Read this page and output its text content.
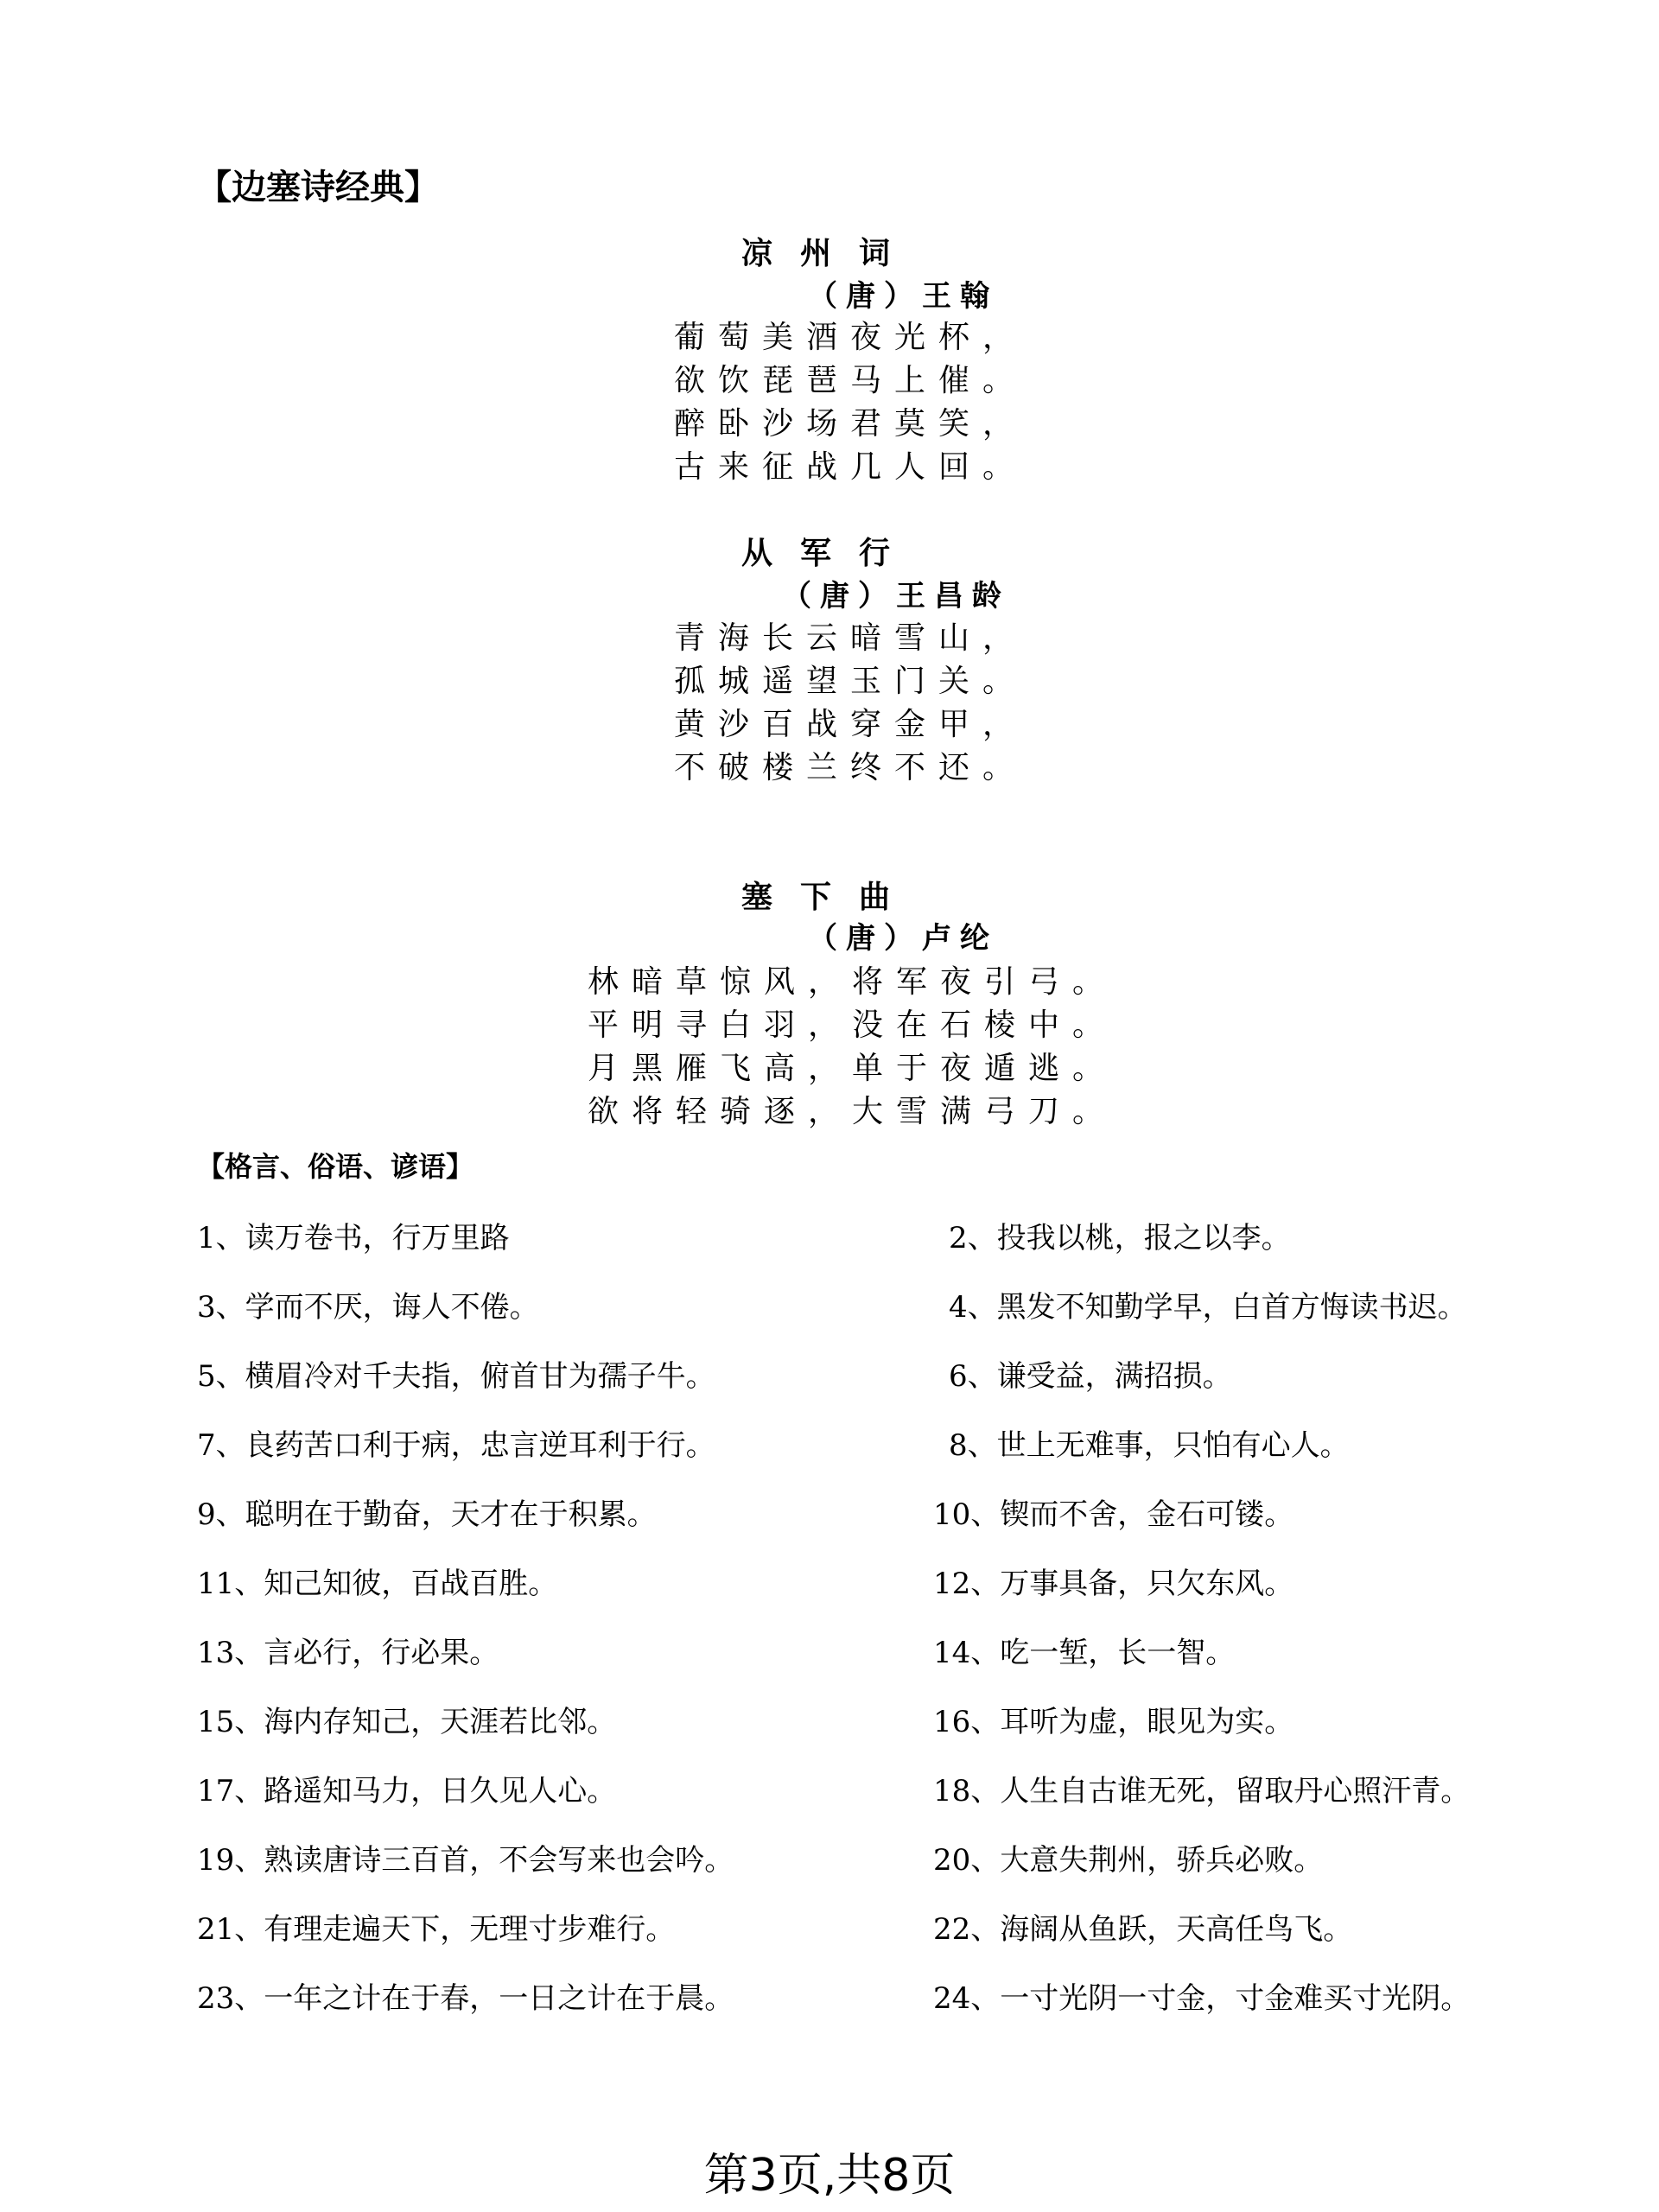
【边塞诗经典】
凉州词
（唐）王翰
葡萄美酒夜光杯，
欲饮琵琶马上催。
醉卧沙场君莫笑，
古来征战几人回。
从军行
（唐）王昌龄
青海长云暗雪山，
孤城遥望玉门关。
黄沙百战穿金甲，
不破楼兰终不还。
塞下曲
（唐）卢纶
林暗草惊风，将军夜引弓。
平明寻白羽，没在石棱中。
月黑雁飞高，单于夜遁逃。
欲将轻骑逐，大雪满弓刀。
【格言、俗语、谚语】
1、读万卷书，行万里路	2、投我以桃，报之以李。
3、学而不厌，诲人不倦。	4、黑发不知勤学早，白首方悔读书迟。
5、横眉冷对千夫指，俯首甘为孺子牛。	6、谦受益，满招损。
7、良药苦口利于病，忠言逆耳利于行。	8、世上无难事，只怕有心人。
9、聪明在于勤奋，天才在于积累。	10、锲而不舍，金石可镂。
11、知己知彼，百战百胜。	12、万事具备，只欠东风。
13、言必行，行必果。	14、吃一堑，长一智。
15、海内存知己，天涯若比邻。	16、耳听为虚，眼见为实。
17、路遥知马力，日久见人心。	18、人生自古谁无死，留取丹心照汗青。
19、熟读唐诗三百首，不会写来也会吟。	20、大意失荆州，骄兵必败。
21、有理走遍天下，无理寸步难行。	22、海阔从鱼跃，天高任鸟飞。
23、一年之计在于春，一日之计在于晨。	24、一寸光阴一寸金，寸金难买寸光阴。
第3页,共8页
